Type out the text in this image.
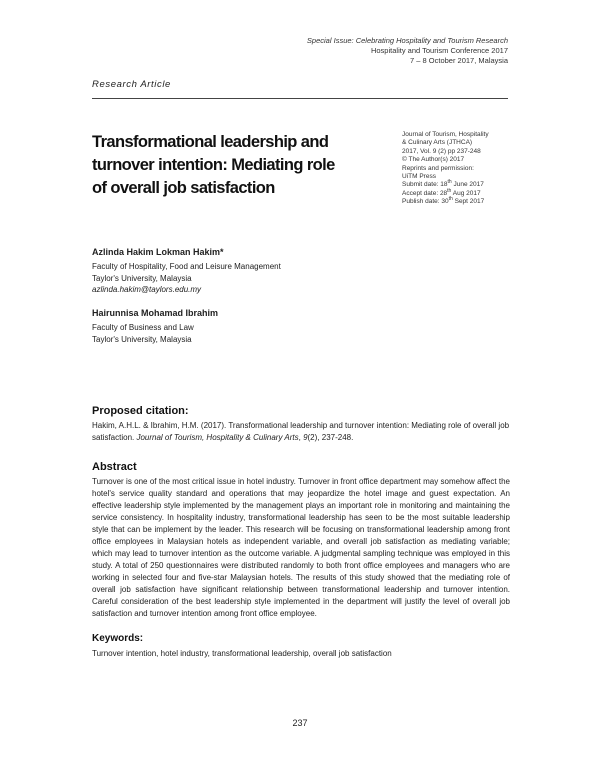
Special Issue: Celebrating Hospitality and Tourism Research
Hospitality and Tourism Conference 2017
7 – 8 October 2017, Malaysia
Research Article
Transformational leadership and turnover intention: Mediating role of overall job satisfaction
Journal of Tourism, Hospitality
& Culinary Arts (JTHCA)
2017, Vol. 9 (2) pp 237-248
© The Author(s) 2017
Reprints and permission:
UiTM Press
Submit date: 18th June 2017
Accept date: 28th Aug 2017
Publish date: 30th Sept 2017
Azlinda Hakim Lokman Hakim*
Faculty of Hospitality, Food and Leisure Management
Taylor's University, Malaysia
azlinda.hakim@taylors.edu.my
Hairunnisa Mohamad Ibrahim
Faculty of Business and Law
Taylor's University, Malaysia
Proposed citation:
Hakim, A.H.L. & Ibrahim, H.M. (2017). Transformational leadership and turnover intention: Mediating role of overall job satisfaction. Journal of Tourism, Hospitality & Culinary Arts, 9(2), 237-248.
Abstract
Turnover is one of the most critical issue in hotel industry. Turnover in front office department may somehow affect the hotel's service quality standard and operations that may jeopardize the hotel image and guest expectation. An effective leadership style implemented by the management plays an important role in monitoring and maintaining the service consistency. In hospitality industry, transformational leadership has seen to be the most suitable leadership style that can be implement by the leader. This research will be focusing on transformational leadership among front office employees in Malaysian hotels as independent variable, and overall job satisfaction as mediating variable; which may lead to turnover intention as the outcome variable. A judgmental sampling technique was employed in this study. A total of 250 questionnaires were distributed randomly to both front office employees and managers who are working in selected four and five-star Malaysian hotels. The results of this study showed that the mediating role of overall job satisfaction have significant relationship between transformational leadership and turnover intention. Careful consideration of the best leadership style implemented in the department will justify the level of overall job satisfaction and turnover intention among front office employee.
Keywords:
Turnover intention, hotel industry, transformational leadership, overall job satisfaction
237
